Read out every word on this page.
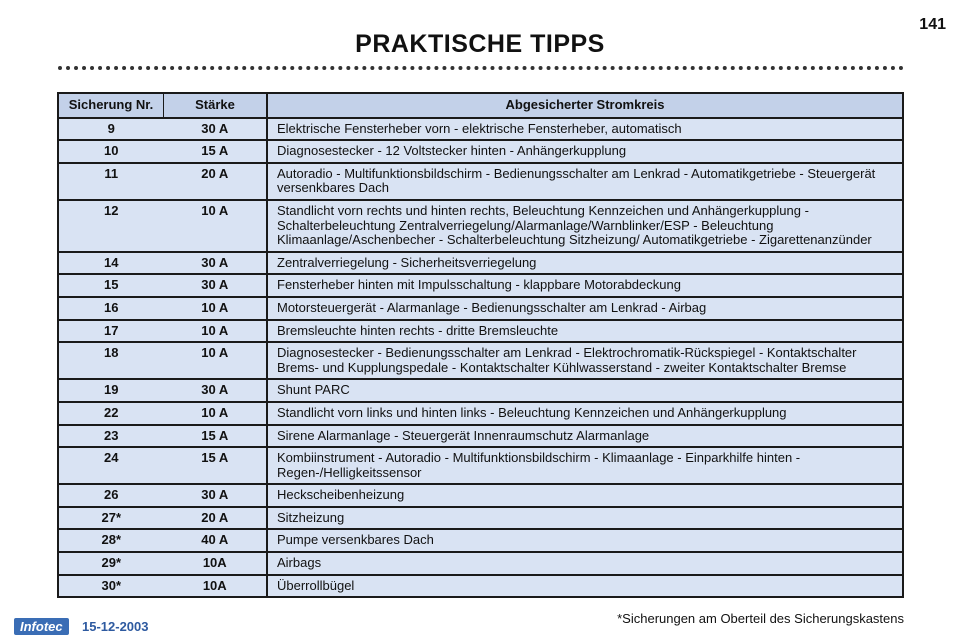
PRAKTISCHE TIPPS
141
Sicherung Nr.	Stärke	Abgesicherter Stromkreis
9	30 A	Elektrische Fensterheber vorn - elektrische Fensterheber, automatisch
10	15 A	Diagnosestecker - 12 Voltstecker hinten - Anhängerkupplung
11	20 A	Autoradio - Multifunktionsbildschirm - Bedienungsschalter am Lenkrad - Automatikgetriebe - Steuergerät versenkbares Dach
12	10 A	Standlicht vorn rechts und hinten rechts, Beleuchtung Kennzeichen und Anhängerkupplung - Schalterbeleuchtung Zentralverriegelung/Alarmanlage/Warnblinker/ESP - Beleuchtung Klimaanlage/Aschenbecher - Schalterbeleuchtung Sitzheizung/ Automatikgetriebe - Zigarettenanzünder
14	30 A	Zentralverriegelung - Sicherheitsverriegelung
15	30 A	Fensterheber hinten mit Impulsschaltung - klappbare Motorabdeckung
16	10 A	Motorsteuergerät - Alarmanlage - Bedienungsschalter am Lenkrad - Airbag
17	10 A	Bremsleuchte hinten rechts - dritte Bremsleuchte
18	10 A	Diagnosestecker - Bedienungsschalter am Lenkrad - Elektrochromatik-Rückspiegel - Kontaktschalter Brems- und Kupplungspedale - Kontaktschalter Kühlwasserstand - zweiter Kontaktschalter Bremse
19	30 A	Shunt PARC
22	10 A	Standlicht vorn links und hinten links - Beleuchtung Kennzeichen und Anhängerkupplung
23	15 A	Sirene Alarmanlage - Steuergerät Innenraumschutz Alarmanlage
24	15 A	Kombiinstrument - Autoradio - Multifunktionsbildschirm - Klimaanlage - Einparkhilfe hinten - Regen-/Helligkeitssensor
26	30 A	Heckscheibenheizung
27*	20 A	Sitzheizung
28*	40 A	Pumpe versenkbares Dach
29*	10A	Airbags
30*	10A	Überrollbügel
*Sicherungen am Oberteil des Sicherungskastens
Infotec	15-12-2003
